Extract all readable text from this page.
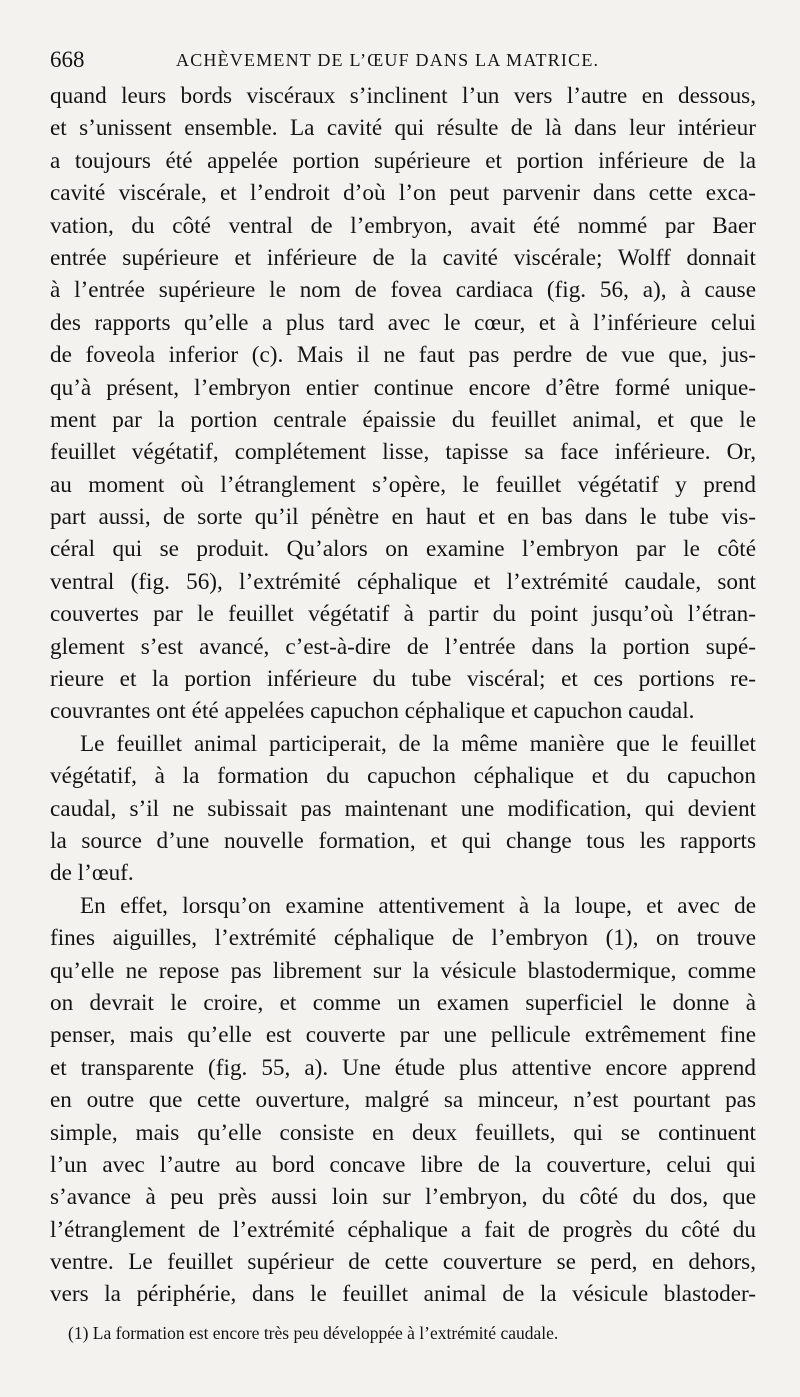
668	ACHÈVEMENT DE L’ŒUF DANS LA MATRICE.
quand leurs bords viscéraux s’inclinent l’un vers l’autre en dessous,
et s’unissent ensemble. La cavité qui résulte de là dans leur intérieur
a toujours été appelée portion supérieure et portion inférieure de la
cavité viscérale, et l’endroit d’où l’on peut parvenir dans cette exca-
vation, du côté ventral de l’embryon, avait été nommé par Baer
entrée supérieure et inférieure de la cavité viscérale; Wolff donnait
à l’entrée supérieure le nom de fovea cardiaca (fig. 56, a), à cause
des rapports qu’elle a plus tard avec le cœur, et à l’inférieure celui
de foveola inferior (c). Mais il ne faut pas perdre de vue que, jus-
qu’à présent, l’embryon entier continue encore d’être formé unique-
ment par la portion centrale épaissie du feuillet animal, et que le
feuillet végétatif, complétement lisse, tapisse sa face inférieure. Or,
au moment où l’étranglement s’opère, le feuillet végétatif y prend
part aussi, de sorte qu’il pénètre en haut et en bas dans le tube vis-
céral qui se produit. Qu’alors on examine l’embryon par le côté
ventral (fig. 56), l’extrémité céphalique et l’extrémité caudale, sont
couvertes par le feuillet végétatif à partir du point jusqu’où l’étran-
glement s’est avancé, c’est-à-dire de l’entrée dans la portion supé-
rieure et la portion inférieure du tube viscéral; et ces portions re-
couvrantes ont été appelées capuchon céphalique et capuchon caudal.
Le feuillet animal participerait, de la même manière que le feuillet
végétatif, à la formation du capuchon céphalique et du capuchon
caudal, s’il ne subissait pas maintenant une modification, qui devient
la source d’une nouvelle formation, et qui change tous les rapports
de l’œuf.
En effet, lorsqu’on examine attentivement à la loupe, et avec de
fines aiguilles, l’extrémité céphalique de l’embryon (1), on trouve
qu’elle ne repose pas librement sur la vésicule blastodermique, comme
on devrait le croire, et comme un examen superficiel le donne à
penser, mais qu’elle est couverte par une pellicule extrêmement fine
et transparente (fig. 55, a). Une étude plus attentive encore apprend
en outre que cette ouverture, malgré sa minceur, n’est pourtant pas
simple, mais qu’elle consiste en deux feuillets, qui se continuent
l’un avec l’autre au bord concave libre de la couverture, celui qui
s’avance à peu près aussi loin sur l’embryon, du côté du dos, que
l’étranglement de l’extrémité céphalique a fait de progrès du côté du
ventre. Le feuillet supérieur de cette couverture se perd, en dehors,
vers la périphérie, dans le feuillet animal de la vésicule blastoder-
(1) La formation est encore très peu développée à l’extrémité caudale.
